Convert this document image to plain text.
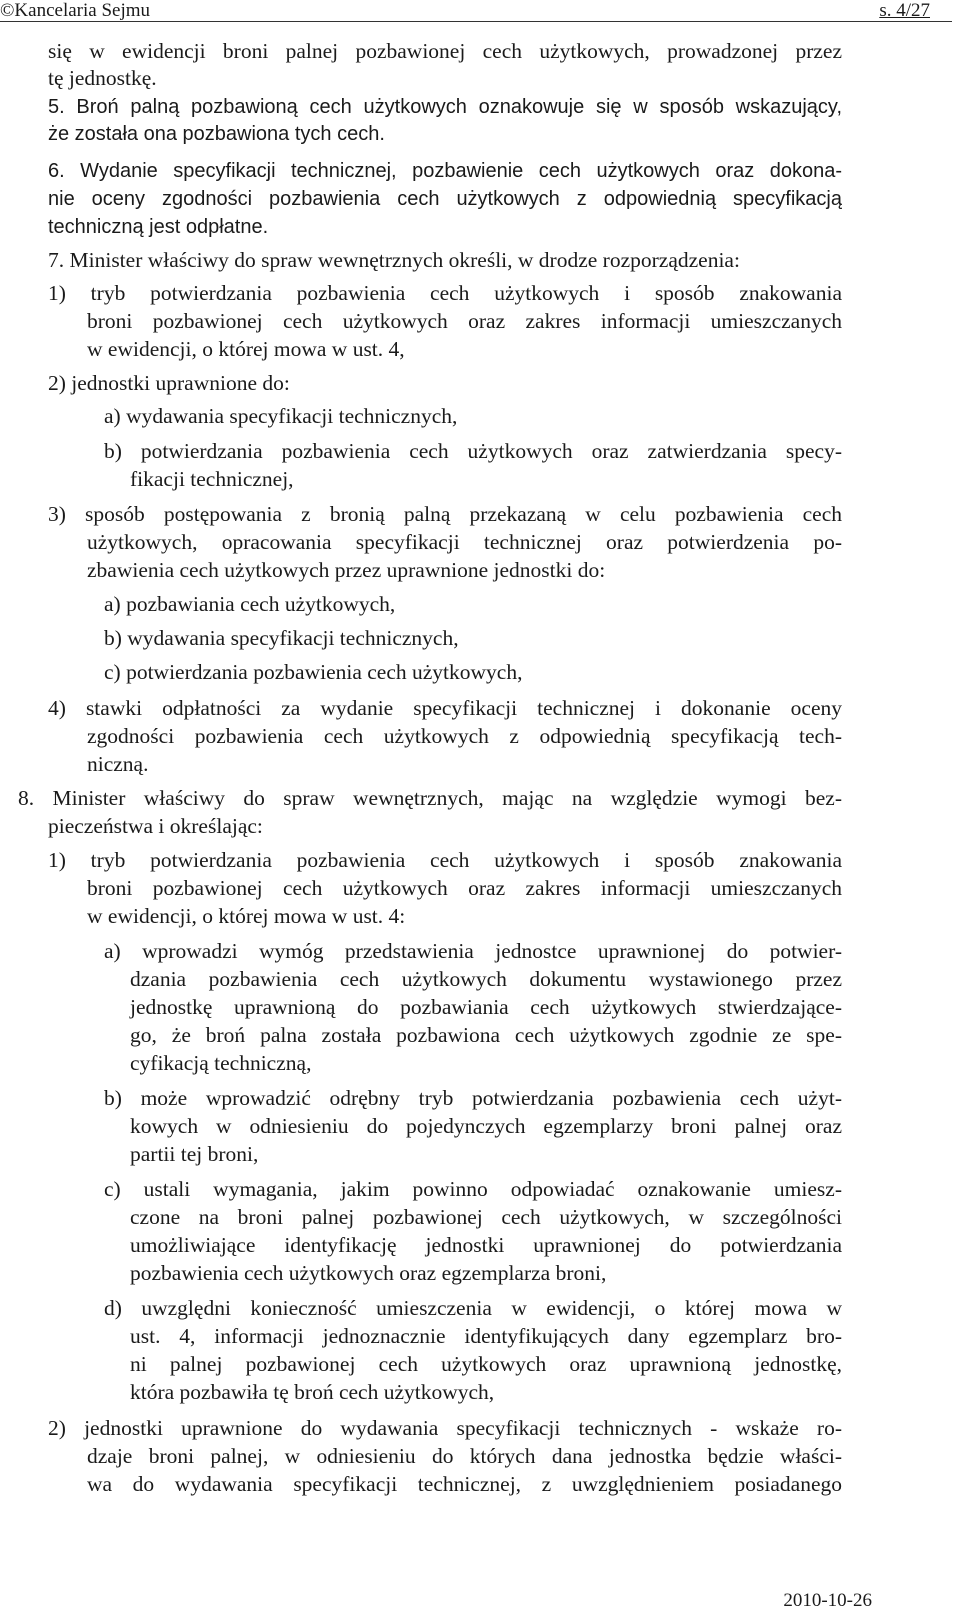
©Kancelaria Sejmu	s. 4/27
się w ewidencji broni palnej pozbawionej cech użytkowych, prowadzonej przez
tę jednostkę.
5. Broń palną pozbawioną cech użytkowych oznakowuje się w sposób wskazujący,
że została ona pozbawiona tych cech.
6. Wydanie specyfikacji technicznej, pozbawienie cech użytkowych oraz dokona-
nie oceny zgodności pozbawienia cech użytkowych z odpowiednią specyfikacją
techniczną jest odpłatne.
7. Minister właściwy do spraw wewnętrznych określi, w drodze rozporządzenia:
1) tryb potwierdzania pozbawienia cech użytkowych i sposób znakowania
broni pozbawionej cech użytkowych oraz zakres informacji umieszczanych
w ewidencji, o której mowa w ust. 4,
2) jednostki uprawnione do:
a) wydawania specyfikacji technicznych,
b) potwierdzania pozbawienia cech użytkowych oraz zatwierdzania specy-
fikacji technicznej,
3) sposób postępowania z bronią palną przekazaną w celu pozbawienia cech
użytkowych, opracowania specyfikacji technicznej oraz potwierdzenia po-
zbawienia cech użytkowych przez uprawnione jednostki do:
a) pozbawiania cech użytkowych,
b) wydawania specyfikacji technicznych,
c) potwierdzania pozbawienia cech użytkowych,
4) stawki odpłatności za wydanie specyfikacji technicznej i dokonanie oceny
zgodności pozbawienia cech użytkowych z odpowiednią specyfikacją tech-
niczną.
8. Minister właściwy do spraw wewnętrznych, mając na względzie wymogi bez-
pieczeństwa i określając:
1) tryb potwierdzania pozbawienia cech użytkowych i sposób znakowania
broni pozbawionej cech użytkowych oraz zakres informacji umieszczanych
w ewidencji, o której mowa w ust. 4:
a) wprowadzi wymóg przedstawienia jednostce uprawnionej do potwier-
dzania pozbawienia cech użytkowych dokumentu wystawionego przez
jednostkę uprawnioną do pozbawiania cech użytkowych stwierdzające-
go, że broń palna została pozbawiona cech użytkowych zgodnie ze spe-
cyfikacją techniczną,
b) może wprowadzić odrębny tryb potwierdzania pozbawienia cech użyt-
kowych w odniesieniu do pojedynczych egzemplarzy broni palnej oraz
partii tej broni,
c) ustali wymagania, jakim powinno odpowiadać oznakowanie umiesz-
czone na broni palnej pozbawionej cech użytkowych, w szczególności
umożliwiające identyfikację jednostki uprawnionej do potwierdzania
pozbawienia cech użytkowych oraz egzemplarza broni,
d) uwzględni konieczność umieszczenia w ewidencji, o której mowa w
ust. 4, informacji jednoznacznie identyfikujących dany egzemplarz bro-
ni palnej pozbawionej cech użytkowych oraz uprawnioną jednostkę,
która pozbawiła tę broń cech użytkowych,
2) jednostki uprawnione do wydawania specyfikacji technicznych - wskaże ro-
dzaje broni palnej, w odniesieniu do których dana jednostka będzie właści-
wa do wydawania specyfikacji technicznej, z uwzględnieniem posiadanego
2010-10-26
